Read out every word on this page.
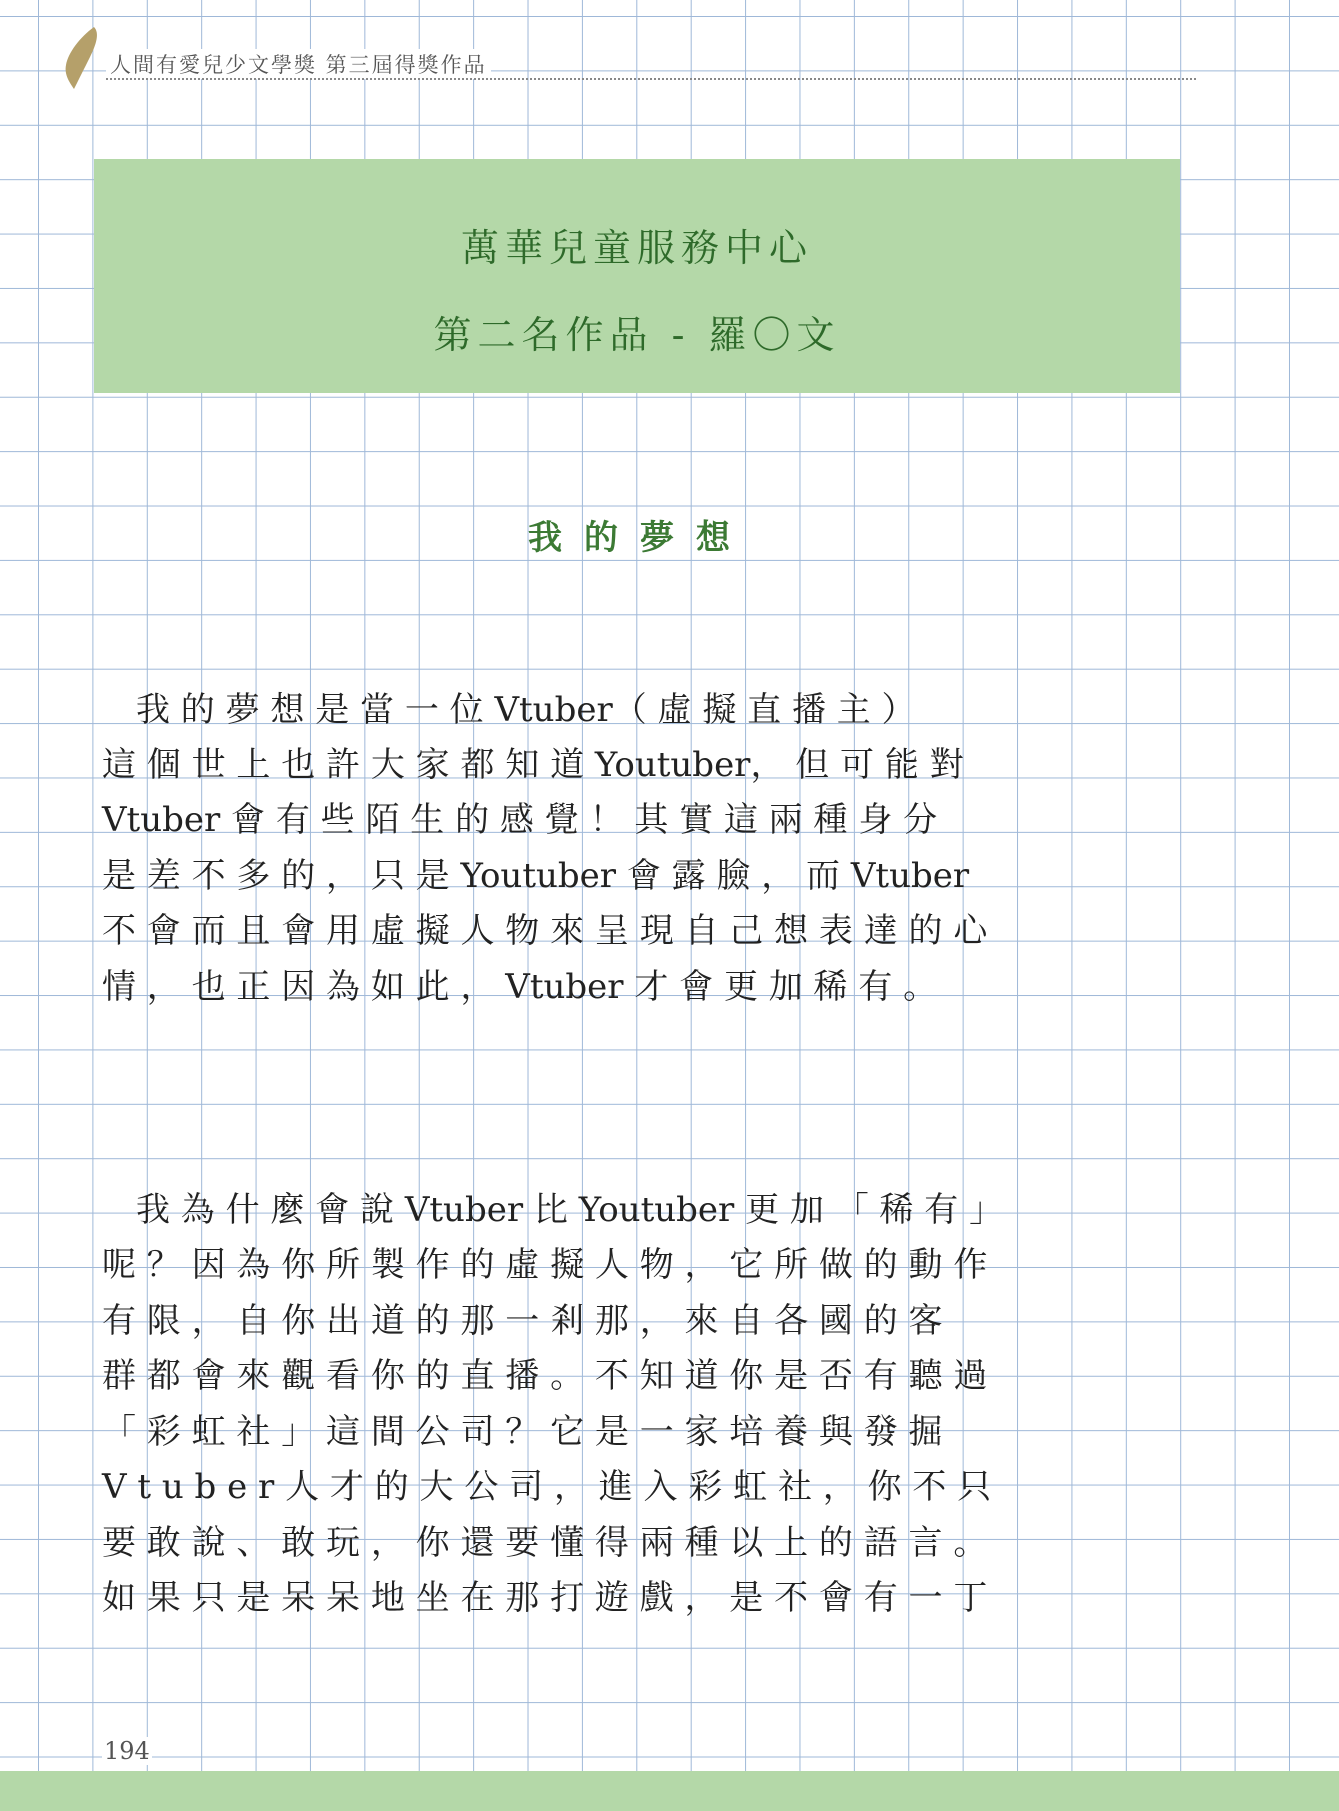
人間有愛兒少文學獎 第三屆得獎作品
萬華兒童服務中心
第二名作品 - 羅〇文
我的夢想
　我 的 夢 想 是 當 一 位 Vtuber（ 虛 擬 直 播 主 ）
這 個 世 上 也 許 大 家 都 知 道 Youtuber， 但 可 能 對
Vtuber 會 有 些 陌 生 的 感 覺 ！ 其 實 這 兩 種 身 分
是 差 不 多 的 ， 只 是 Youtuber 會 露 臉 ， 而 Vtuber
不 會 而 且 會 用 虛 擬 人 物 來 呈 現 自 己 想 表 達 的 心
情 ， 也 正 因 為 如 此 ， Vtuber 才 會 更 加 稀 有 。
　我 為 什 麼 會 說 Vtuber 比 Youtuber 更 加 「 稀 有 」
呢 ？ 因 為 你 所 製 作 的 虛 擬 人 物 ， 它 所 做 的 動 作
有 限 ， 自 你 出 道 的 那 一 剎 那 ， 來 自 各 國 的 客
群 都 會 來 觀 看 你 的 直 播 。 不 知 道 你 是 否 有 聽 過
「 彩 虹 社 」 這 間 公 司 ？ 它 是 一 家 培 養 與 發 掘
V t u b e r 人 才 的 大 公 司 ， 進 入 彩 虹 社 ， 你 不 只
要 敢 說 、 敢 玩 ， 你 還 要 懂 得 兩 種 以 上 的 語 言 。
如 果 只 是 呆 呆 地 坐 在 那 打 遊 戲 ， 是 不 會 有 一 丁
194
